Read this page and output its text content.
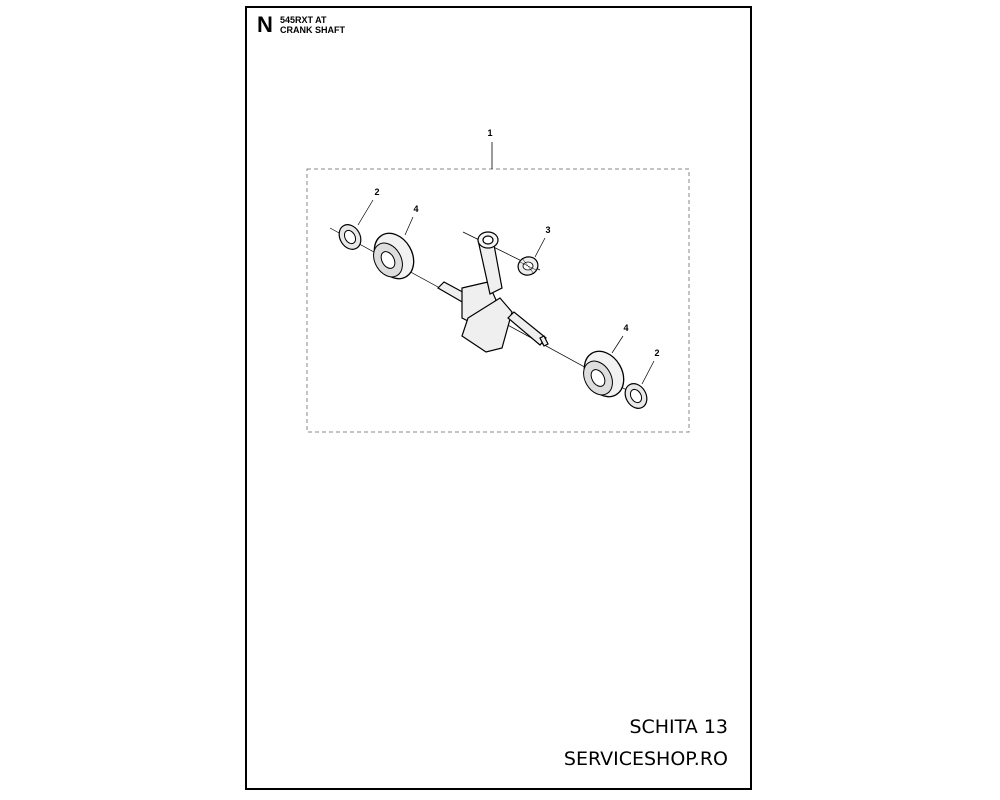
N 545RXT AT
CRANK SHAFT
SCHITA 13
SERVICESHOP.RO
1
2
4
3
4
2
